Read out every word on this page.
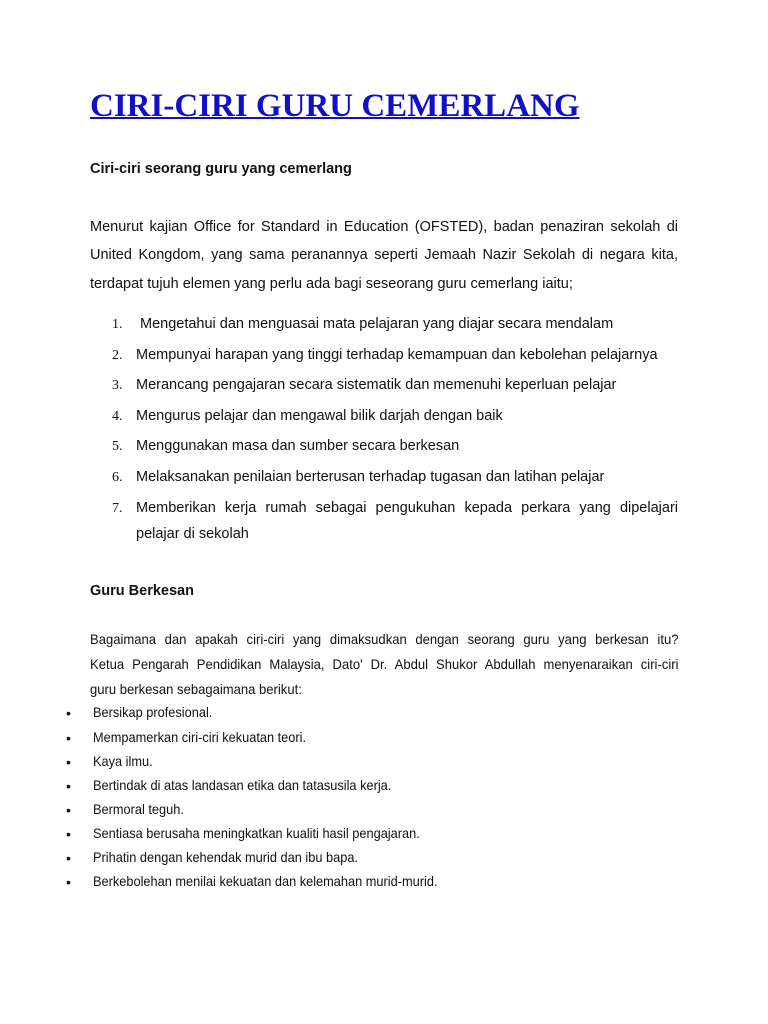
CIRI-CIRI GURU CEMERLANG
Ciri-ciri seorang guru yang cemerlang
Menurut kajian Office for Standard in Education (OFSTED), badan penaziran sekolah di
United Kongdom, yang sama peranannya seperti Jemaah Nazir Sekolah di negara kita,
terdapat tujuh elemen yang perlu ada bagi seseorang guru cemerlang iaitu;
1. Mengetahui dan menguasai mata pelajaran yang diajar secara mendalam
2. Mempunyai harapan yang tinggi terhadap kemampuan dan kebolehan pelajarnya
3. Merancang pengajaran secara sistematik dan memenuhi keperluan pelajar
4. Mengurus pelajar dan mengawal bilik darjah dengan baik
5. Menggunakan masa dan sumber secara berkesan
6. Melaksanakan penilaian berterusan terhadap tugasan dan latihan pelajar
7. Memberikan kerja rumah sebagai pengukuhan kepada perkara yang dipelajari
pelajar di sekolah
Guru Berkesan
Bagaimana dan apakah ciri-ciri yang dimaksudkan dengan seorang guru yang berkesan itu?
Ketua Pengarah Pendidikan Malaysia, Dato' Dr. Abdul Shukor Abdullah menyenaraikan ciri-ciri
guru berkesan sebagaimana berikut:
• Bersikap profesional.
• Mempamerkan ciri-ciri kekuatan teori.
• Kaya ilmu.
• Bertindak di atas landasan etika dan tatasusila kerja.
• Bermoral teguh.
• Sentiasa berusaha meningkatkan kualiti hasil pengajaran.
• Prihatin dengan kehendak murid dan ibu bapa.
• Berkebolehan menilai kekuatan dan kelemahan murid-murid.
